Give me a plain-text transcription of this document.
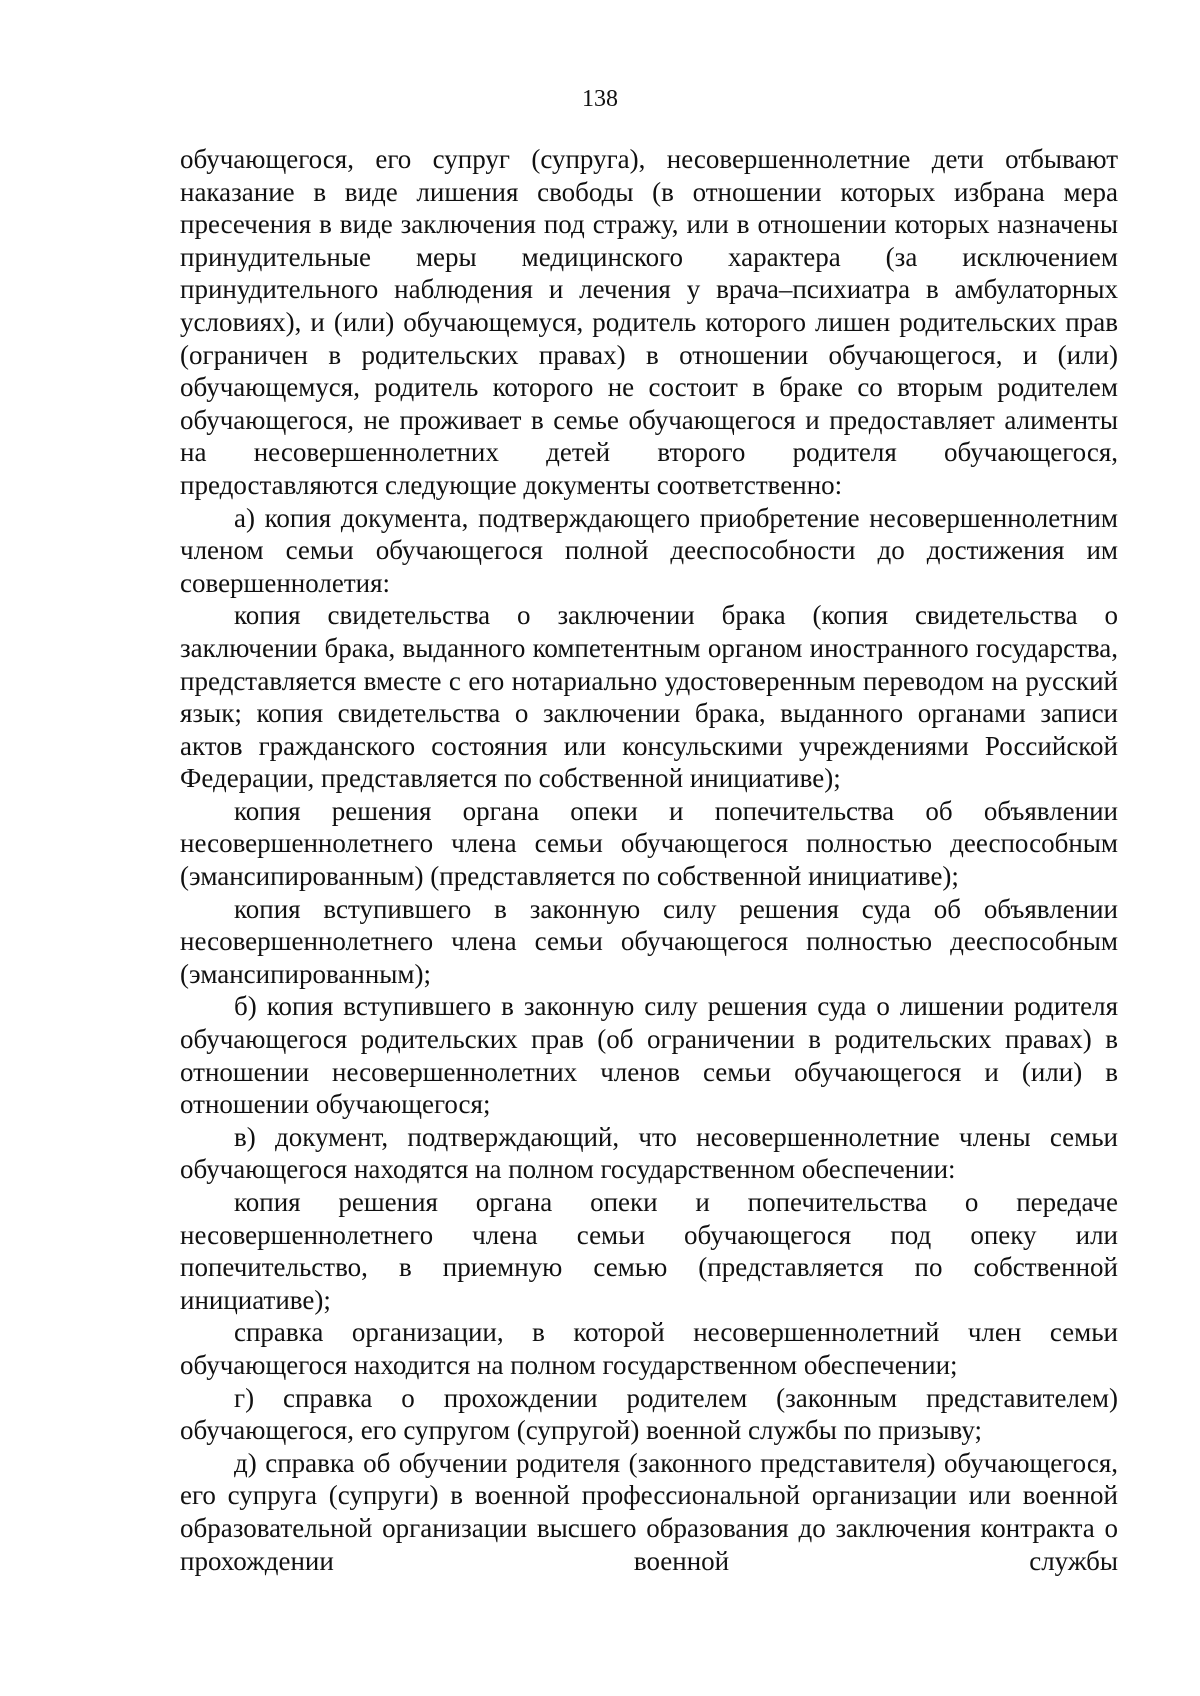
138

обучающегося, его супруг (супруга), несовершеннолетние дети отбывают наказание в виде лишения свободы (в отношении которых избрана мера пресечения в виде заключения под стражу, или в отношении которых назначены принудительные меры медицинского характера (за исключением принудительного наблюдения и лечения у врача–психиатра в амбулаторных условиях), и (или) обучающемуся, родитель которого лишен родительских прав (ограничен в родительских правах) в отношении обучающегося, и (или) обучающемуся, родитель которого не состоит в браке со вторым родителем обучающегося, не проживает в семье обучающегося и предоставляет алименты на несовершеннолетних детей второго родителя обучающегося, предоставляются следующие документы соответственно:

а) копия документа, подтверждающего приобретение несовершеннолетним членом семьи обучающегося полной дееспособности до достижения им совершеннолетия:

копия свидетельства о заключении брака (копия свидетельства о заключении брака, выданного компетентным органом иностранного государства, представляется вместе с его нотариально удостоверенным переводом на русский язык; копия свидетельства о заключении брака, выданного органами записи актов гражданского состояния или консульскими учреждениями Российской Федерации, представляется по собственной инициативе);

копия решения органа опеки и попечительства об объявлении несовершеннолетнего члена семьи обучающегося полностью дееспособным (эмансипированным) (представляется по собственной инициативе);

копия вступившего в законную силу решения суда об объявлении несовершеннолетнего члена семьи обучающегося полностью дееспособным (эмансипированным);

б) копия вступившего в законную силу решения суда о лишении родителя обучающегося родительских прав (об ограничении в родительских правах) в отношении несовершеннолетних членов семьи обучающегося и (или) в отношении обучающегося;

в) документ, подтверждающий, что несовершеннолетние члены семьи обучающегося находятся на полном государственном обеспечении:

копия решения органа опеки и попечительства о передаче несовершеннолетнего члена семьи обучающегося под опеку или попечительство, в приемную семью (представляется по собственной инициативе);

справка организации, в которой несовершеннолетний член семьи обучающегося находится на полном государственном обеспечении;

г) справка о прохождении родителем (законным представителем) обучающегося, его супругом (супругой) военной службы по призыву;

д) справка об обучении родителя (законного представителя) обучающегося, его супруга (супруги) в военной профессиональной организации или военной образовательной организации высшего образования до заключения контракта о прохождении военной службы
